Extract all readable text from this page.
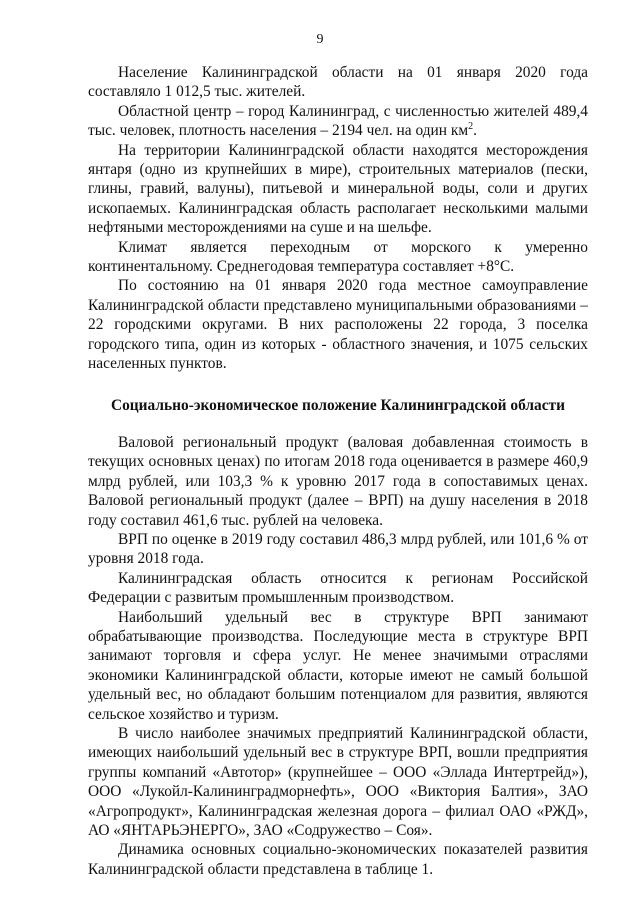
9

Население Калининградской области на 01 января 2020 года составляло 1 012,5 тыс. жителей.

Областной центр – город Калининград, с численностью жителей 489,4 тыс. человек, плотность населения – 2194 чел. на один $км^2$.

На территории Калининградской области находятся месторождения янтаря (одно из крупнейших в мире), строительных материалов (пески, глины, гравий, валуны), питьевой и минеральной воды, соли и других ископаемых. Калининградская область располагает несколькими малыми нефтяными месторождениями на суше и на шельфе.

Климат является переходным от морского к умеренно континентальному. Среднегодовая температура составляет +8°С.

По состоянию на 01 января 2020 года местное самоуправление Калининградской области представлено муниципальными образованиями – 22 городскими округами. В них расположены 22 города, 3 поселка городского типа, один из которых - областного значения, и 1075 сельских населенных пунктов.

Социально-экономическое положение Калининградской области

Валовой региональный продукт (валовая добавленная стоимость в текущих основных ценах) по итогам 2018 года оценивается в размере 460,9 млрд рублей, или 103,3 % к уровню 2017 года в сопоставимых ценах. Валовой региональный продукт (далее – ВРП) на душу населения в 2018 году составил 461,6 тыс. рублей на человека.

ВРП по оценке в 2019 году составил 486,3 млрд рублей, или 101,6 % от уровня 2018 года.

Калининградская область относится к регионам Российской Федерации с развитым промышленным производством.

Наибольший удельный вес в структуре ВРП занимают обрабатывающие производства. Последующие места в структуре ВРП занимают торговля и сфера услуг. Не менее значимыми отраслями экономики Калининградской области, которые имеют не самый большой удельный вес, но обладают большим потенциалом для развития, являются сельское хозяйство и туризм.

В число наиболее значимых предприятий Калининградской области, имеющих наибольший удельный вес в структуре ВРП, вошли предприятия группы компаний «Автотор» (крупнейшее – ООО «Эллада Интертрейд»), ООО «Лукойл-Калининградморнефть», ООО «Виктория Балтия», ЗАО «Агропродукт», Калининградская железная дорога – филиал ОАО «РЖД», АО «ЯНТАРЬЭНЕРГО», ЗАО «Содружество – Соя».

Динамика основных социально-экономических показателей развития Калининградской области представлена в таблице 1.
